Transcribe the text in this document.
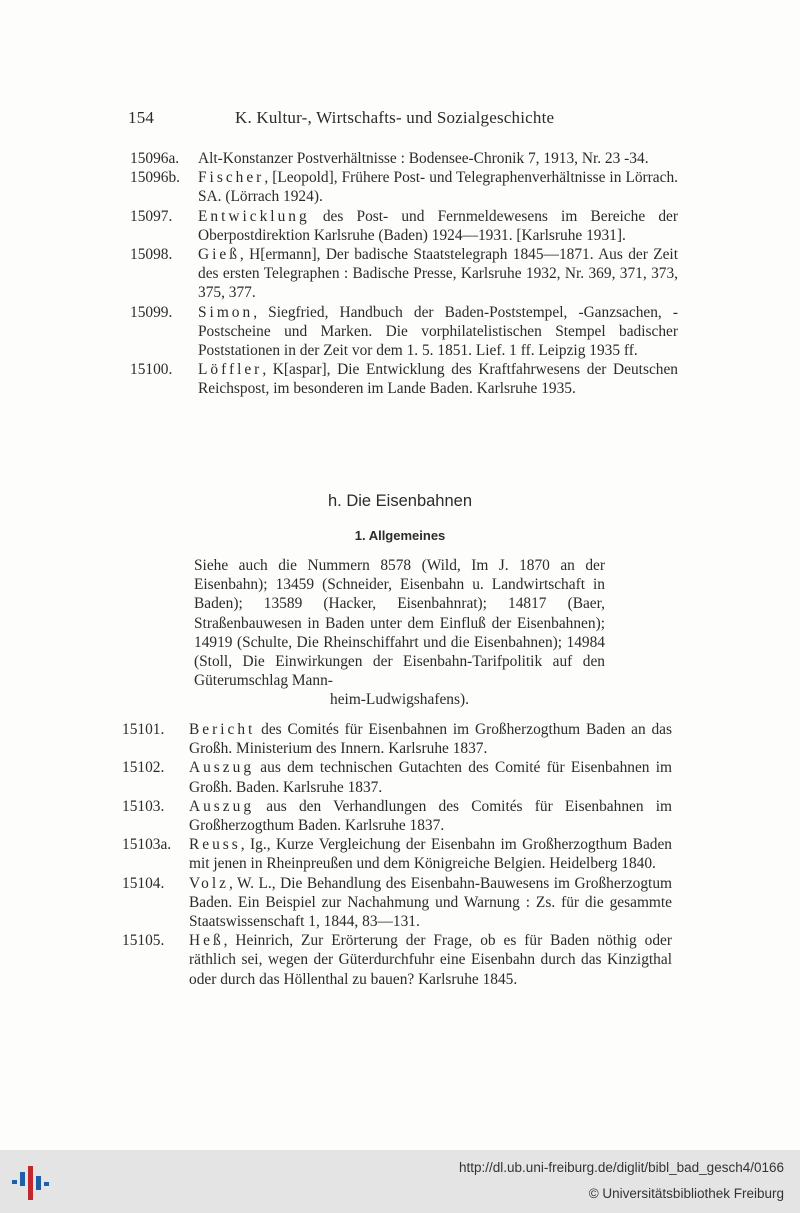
154	K. Kultur-, Wirtschafts- und Sozialgeschichte

15096a. Alt-Konstanzer Postverhältnisse : Bodensee-Chronik 7, 1913, Nr. 23 -34.

15096b. Fischer, [Leopold], Frühere Post- und Telegraphenverhältnisse in Lörrach. SA. (Lörrach 1924).

15097. Entwicklung des Post- und Fernmeldewesens im Bereiche der Oberpostdirektion Karlsruhe (Baden) 1924—1931. [Karlsruhe 1931].

15098. Gieß, H[ermann], Der badische Staatstelegraph 1845—1871. Aus der Zeit des ersten Telegraphen : Badische Presse, Karlsruhe 1932, Nr. 369, 371, 373, 375, 377.

15099. Simon, Siegfried, Handbuch der Baden-Poststempel, -Ganzsachen, -Postscheine und Marken. Die vorphilatelistischen Stempel badischer Poststationen in der Zeit vor dem 1. 5. 1851. Lief. 1 ff. Leipzig 1935 ff.

15100. Löffler, K[aspar], Die Entwicklung des Kraftfahrwesens der Deutschen Reichspost, im besonderen im Lande Baden. Karlsruhe 1935.

h. Die Eisenbahnen
1. Allgemeines
Siehe auch die Nummern 8578 (Wild, Im J. 1870 an der Eisenbahn); 13459 (Schneider, Eisenbahn u. Landwirtschaft in Baden); 13589 (Hacker, Eisenbahnrat); 14817 (Baer, Straßenbauwesen in Baden unter dem Einfluß der Eisenbahnen); 14919 (Schulte, Die Rheinschiffahrt und die Eisenbahnen); 14984 (Stoll, Die Einwirkungen der Eisenbahn-Tarifpolitik auf den Güterumschlag Mann-
heim-Ludwigshafens).

15101. Bericht des Comités für Eisenbahnen im Großherzogthum Baden an das Großh. Ministerium des Innern. Karlsruhe 1837.

15102. Auszug aus dem technischen Gutachten des Comité für Eisenbahnen im Großh. Baden. Karlsruhe 1837.

15103. Auszug aus den Verhandlungen des Comités für Eisenbahnen im Großherzogthum Baden. Karlsruhe 1837.

15103a. Reuss, Ig., Kurze Vergleichung der Eisenbahn im Großherzogthum Baden mit jenen in Rheinpreußen und dem Königreiche Belgien. Heidelberg 1840.

15104. Volz, W. L., Die Behandlung des Eisenbahn-Bauwesens im Großherzogtum Baden. Ein Beispiel zur Nachahmung und Warnung : Zs. für die gesammte Staatswissenschaft 1, 1844, 83—131.

15105. Heß, Heinrich, Zur Erörterung der Frage, ob es für Baden nöthig oder räthlich sei, wegen der Güterdurchfuhr eine Eisenbahn durch das Kinzigthal oder durch das Höllenthal zu bauen? Karlsruhe 1845.

http://dl.ub.uni-freiburg.de/diglit/bibl_bad_gesch4/0166
© Universitätsbibliothek Freiburg
